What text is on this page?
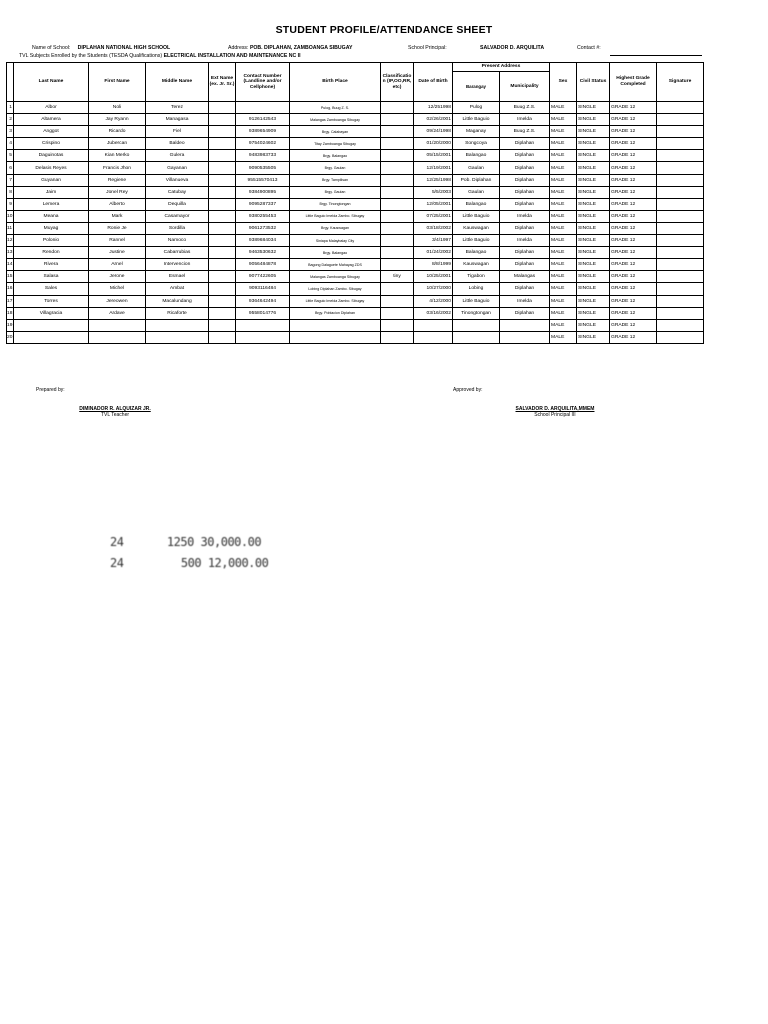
STUDENT PROFILE/ATTENDANCE SHEET
Name of School: DIPLAHAN NATIONAL HIGH SCHOOL	Address: POB. DIPLAHAN, ZAMBOANGA SIBUGAY	School Principal:	SALVADOR D. ARQUILITA	Contact #:
TVL Subjects Enrolled by the Students (TESDA Qualifications) ELECTRICAL INSTALLATION AND MAINTENANCE NC II
	Last Name	First Name	Middle Name	Ext Name (ex. Jr. Sr.)	Contact Number (Landline and/or Cellphone)	Birth Place	Classificatio n (IP,OO,RR, etc)	Date of Birth	Present Address		Sex	Civil Status	Highest Grade Completed	Signature
									Barangay	Municipality				
1	Albor	Noli	Terez			Pulog, Buug Z. S.		12/251998	Pulog	Buug Z.S.	MALE	SINGLE	GRADE 12	
2	Altamera	Jay Ryann	Managasa		9126142543	Malangas Zamboanga Sibugay		02/26/2001	Little Baguio	Imelda	MALE	SINGLE	GRADE 12	
3	Anggot	Ricardo	Fiel		9389654909	Brgy. Calabayan		09/24/1998	Maganay	Buug Z.S.	MALE	SINGLE	GRADE 12	
4	Crispino	Jubercan	Baldeo		9754024602	Titay Zamboanga Sibugay		01/20/2000	Songcoya	Diplahan	MALE	SINGLE	GRADE 12	
5	Daguinotas	Kian Merko	Gulera		9483983733	Brgy. Balangao		05/15/2001	Balangao	Diplahan	MALE	SINGLE	GRADE 12	
6	Delasis Reyes	Francis Jhon	Gayanan		9090535505	Brgy. Gaulan		12/19/2001	Gaulan	Diplahan	MALE	SINGLE	GRADE 12	
7	Guyanan	Regiene	Villanueva		95515570413	Brgy. Tampilisan		12/25/1998	Pob. Diplahan	Diplahan	MALE	SINGLE	GRADE 12	
8	Jaim	Jonel Rey	Catubay		9384900895	Brgy. Gaulan		5/5/2003	Gaulan	Diplahan	MALE	SINGLE	GRADE 12	
9	Lemera	Alberto	Dequilla		9095287337	Brgy. Tinongtongan		12/05/2001	Balangao	Diplahan	MALE	SINGLE	GRADE 12	
10	Meana	Mark	Casamayor		9380255453	Little Baguio Imelda Zambo. Sibugay		07/25/2001	Little Baguio	Imelda	MALE	SINGLE	GRADE 12	
11	Muyag	Ronie Je	Sordilla		9061273532	Brgy. Kauswagan		03/18/2002	Kauswagan	Diplahan	MALE	SINGLE	GRADE 12	
12	Polonio	Rannel	Namoco		9389684034	Siniapa Malaybalay City		3/4/1997	Little Baguio	Imelda	MALE	SINGLE	GRADE 12	
13	Rendon	Justine	Cabarrubias		9463530632	Brgy. Balangao		01/24/2002	Balangao	Diplahan	MALE	SINGLE	GRADE 12	
14	Rivera	Arnel	Intervencion		9056484878	Bagong Dalaguete Mahayag ZDS		8/8/1999	Kauswagan	Diplahan	MALE	SINGLE	GRADE 12	
15	Salasa	Jerone	Esmael		9077422605	Malangas Zamboanga Sibugay	tiny	10/25/2001	Tigabon	Malangas	MALE	SINGLE	GRADE 12	
16	Sales	Michel	Ambat		9093116484	Lobing Diplahan Zambo. Sibugay		10/27/2000	Lobing	Diplahan	MALE	SINGLE	GRADE 12	
17	Torres	Jereowen	Macalundang		9364642494	Little Baguio Imelda Zambo. Sibugay		4/12/2000	Little Baguio	Imelda	MALE	SINGLE	GRADE 12	
18	Villagracia	Ardave	Ricaforte		9558014776	Brgy. Poblacion Diplahan		03/16/2002	Tinongtongan	Diplahan	MALE	SINGLE	GRADE 12	
19											MALE	SINGLE	GRADE 12	
20											MALE	SINGLE	GRADE 12	
Prepared by:
DIMINADOR R. ALQUIZAR JR.
TVL Teacher
Approved by:
SALVADOR D. ARQUILITA,MMEM
School Principal III
24	1250 30,000.00
24	500 12,000.00
